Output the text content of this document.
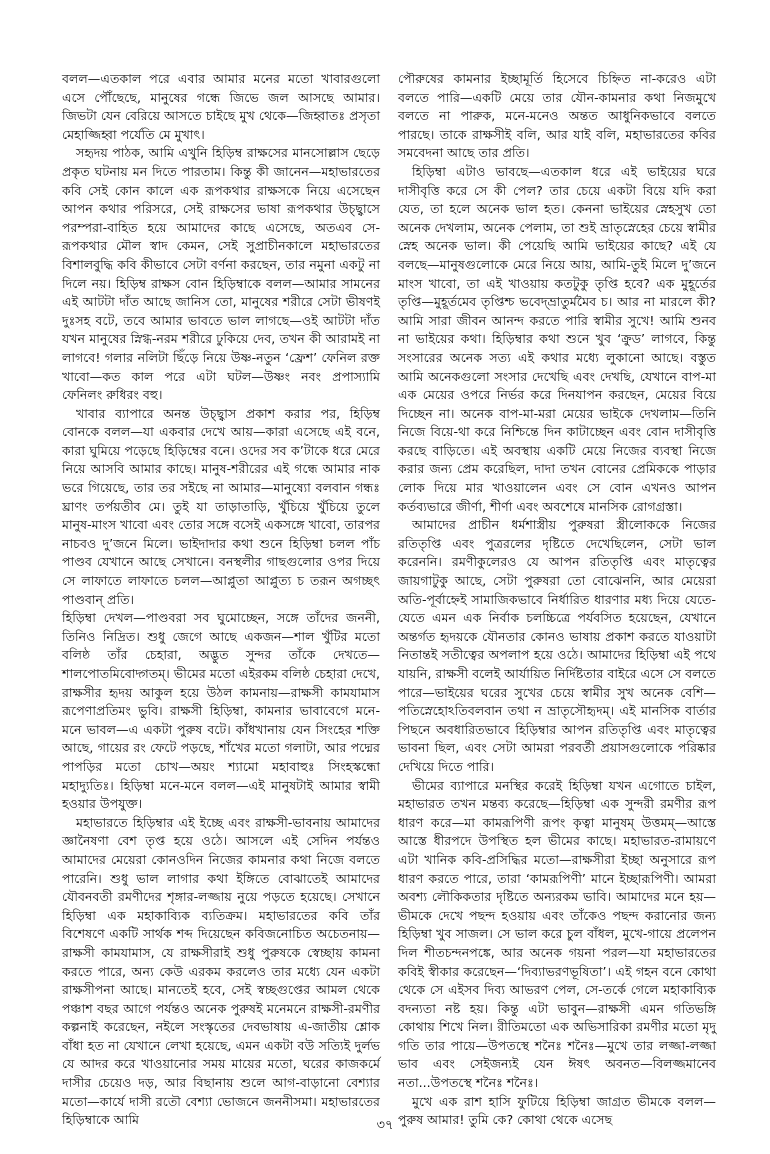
বলল—এতকাল পরে এবার আমার মনের মতো খাবারগুলো এসে পৌঁছেছে, মানুষের গন্ধে জিভে জল আসছে আমার। জিভটা যেন বেরিয়ে আসতে চাইছে মুখ থেকে—জিহ্বাতঃ প্রসৃতা মেহাজ্জিহ্বা পর্যেতি মে মুখাৎ।

সহৃদয় পাঠক, আমি এখুনি হিড়িম্ব রাক্ষসের মানসোল্লাস ছেড়ে প্রকৃত ঘটনায় মন দিতে পারতাম। কিন্তু কী জানেন—মহাভারতের কবি সেই কোন কালে এক রূপকথার রাক্ষসকে নিয়ে এসেছেন আপন কথার পরিসরে, সেই রাক্ষসের ভাষা রূপকথার উচ্ছ্বাসে পরম্পরা-বাহিত হয়ে আমাদের কাছে এসেছে, অতএব সে-রূপকথার মৌল স্বাদ কেমন, সেই সুপ্রাচীনকালে মহাভারতের বিশালবুদ্ধি কবি কীভাবে সেটা বর্ণনা করছেন, তার নমুনা একটু না দিলে নয়। হিড়িম্ব রাক্ষস বোন হিড়িম্বাকে বলল—আমার সামনের এই আটটা দাঁত আছে জানিস তো, মানুষের শরীরে সেটা ভীষণই দুঃসহ বটে, তবে আমার ভাবতে ভাল লাগছে—ওই আটটা দাঁত যখন মানুষের স্নিগ্ধ-নরম শরীরে ঢুকিয়ে দেব, তখন কী আরামই না লাগবে! গলার নলিটা ছিঁড়ে নিয়ে উষ্ণ-নতুন ‘ফ্রেশ’ ফেনিল রক্ত খাবো—কত কাল পরে এটা ঘটল—উষ্ণং নবং প্রপাস্যামি ফেনিলং রুধিরং বহু।

খাবার ব্যাপারে অনন্ত উচ্ছ্বাস প্রকাশ করার পর, হিড়িম্ব বোনকে বলল—যা একবার দেখে আয়—কারা এসেছে এই বনে, কারা ঘুমিয়ে পড়েছে হিড়িম্বের বনে। ওদের সব ক’টাকে ধরে মেরে নিয়ে আসবি আমার কাছে। মানুষ-শরীরের এই গন্ধে আমার নাক ভরে গিয়েছে, তার তর সইছে না আমার—মানুষ্যো বলবান গন্ধঃ ঘ্রাণং তর্পয়তীব মে। তুই যা তাড়াতাড়ি, খুঁচিয়ে খুঁচিয়ে তুলে মানুষ-মাংস খাবো এবং তোর সঙ্গে বসেই একসঙ্গে খাবো, তারপর নাচবও দু’জনে মিলে। ভাইদাদার কথা শুনে হিড়িম্বা চলল পাঁচ পাণ্ডব যেখানে আছে সেখানে। বনস্থলীর গাছগুলোর ওপর দিয়ে সে লাফাতে লাফাতে চলল—আপ্লুতা আপ্লুত্য চ তরূন অগচ্ছৎ পাণ্ডবান্ প্রতি।

হিড়িম্বা দেখল—পাণ্ডবরা সব ঘুমোচ্ছেন, সঙ্গে তাঁদের জননী, তিনিও নিদ্রিত। শুধু জেগে আছে একজন—শাল খুঁটির মতো বলিষ্ঠ তাঁর চেহারা, অদ্ভুত সুন্দর তাঁকে দেখতে—শালপোতমিবোদ্গতম্। ভীমের মতো এইরকম বলিষ্ঠ চেহারা দেখে, রাক্ষসীর হৃদয় আকুল হয়ে উঠল কামনায়—রাক্ষসী কামযামাস রূপেণাপ্রতিমং ভুবি। রাক্ষসী হিড়িম্বা, কামনার ভাবাবেগে মনে-মনে ভাবল—এ একটা পুরুষ বটে। কাঁধখানায় যেন সিংহের শক্তি আছে, গায়ের রং ফেটে পড়ছে, শাঁখের মতো গলাটা, আর পদ্মের পাপড়ির মতো চোখ—অয়ং শ্যামো মহাবাহুঃ সিংহস্কন্ধো মহাদ্যুতিঃ। হিড়িম্বা মনে-মনে বলল—এই মানুষটাই আমার স্বামী হওয়ার উপযুক্ত।

মহাভারতে হিড়িম্বার এই ইচ্ছে এবং রাক্ষসী-ভাবনায় আমাদের জ্ঞানৈষণা বেশ তৃপ্ত হয়ে ওঠে। আসলে এই সেদিন পর্যন্তও আমাদের মেয়েরা কোনওদিন নিজের কামনার কথা নিজে বলতে পারেনি। শুধু ভাল লাগার কথা ইঙ্গিতে বোঝাতেই আমাদের যৌবনবতী রমণীদের শৃঙ্গার-লজ্জায় নুয়ে পড়তে হয়েছে। সেখানে হিড়িম্বা এক মহাকাব্যিক ব্যতিক্রম। মহাভারতের কবি তাঁর বিশেষণে একটি সার্থক শব্দ দিয়েছেন কবিজনোচিত অচেতনায়—রাক্ষসী কামযামাস, যে রাক্ষসীরাই শুধু পুরুষকে স্বেচ্ছায় কামনা করতে পারে, অন্য কেউ এরকম করলেও তার মধ্যে যেন একটা রাক্ষসীপনা আছে। মানতেই হবে, সেই স্বচ্ছগুপ্তের আমল থেকে পঞ্চাশ বছর আগে পর্যন্তও অনেক পুরুষই মনেমনে রাক্ষসী-রমণীর কল্পনাই করেছেন, নইলে সংস্কৃতের দেবভাষায় এ-জাতীয় শ্লোক বাঁধা হত না যেখানে লেখা হয়েছে, এমন একটা বউ সত্যিই দুর্লভ যে আদর করে খাওয়ানোর সময় মায়ের মতো, ঘরের কাজকর্মে দাসীর চেয়েও দড়, আর বিছানায় শুলে আগ-বাড়ানো বেশ্যার মতো—কার্যে দাসী রতৌ বেশ্যা ভোজনে জননীসমা। মহাভারতের হিড়িম্বাকে আমি

পৌরুষের কামনার ইচ্ছামূর্তি হিসেবে চিহ্নিত না-করেও এটা বলতে পারি—একটি মেয়ে তার যৌন-কামনার কথা নিজমুখে বলতে না পারুক, মনে-মনেও অন্তত আধুনিকভাবে বলতে পারছে। তাকে রাক্ষসীই বলি, আর যাই বলি, মহাভারতের কবির সমবেদনা আছে তার প্রতি।

হিড়িম্বা এটাও ভাবছে—এতকাল ধরে এই ভাইয়ের ঘরে দাসীবৃত্তি করে সে কী পেল? তার চেয়ে একটা বিয়ে যদি করা যেত, তা হলে অনেক ভাল হত। কেননা ভাইয়ের স্নেহসুখ তো অনেক দেখলাম, অনেক পেলাম, তা শুই ভ্রাতৃস্নেহের চেয়ে স্বামীর স্নেহ অনেক ভাল। কী পেয়েছি আমি ভাইয়ের কাছে? এই যে বলছে—মানুষগুলোকে মেরে নিয়ে আয়, আমি-তুই মিলে দু’জনে মাংস খাবো, তা এই খাওয়ায় কতটুকু তৃপ্তি হবে? এক মুহূর্তের তৃপ্তি—মুহূর্তমেব তৃপ্তিশ্চ ভবেদ্‌ভ্রাতুর্মমৈব চ। আর না মারলে কী? আমি সারা জীবন আনন্দ করতে পারি স্বামীর সুখে! আমি শুনব না ভাইয়ের কথা। হিড়িম্বার কথা শুনে খুব ‘ক্রুড’ লাগবে, কিন্তু সংসারের অনেক সত্য এই কথার মধ্যে লুকানো আছে। বস্তুত আমি অনেকগুলো সংসার দেখেছি এবং দেখছি, যেখানে বাপ-মা এক মেয়ের ওপরে নির্ভর করে দিনযাপন করছেন, মেয়ের বিয়ে দিচ্ছেন না। অনেক বাপ-মা-মরা মেয়ের ভাইকে দেখলাম—তিনি নিজে বিয়ে-থা করে নিশ্চিন্তে দিন কাটাচ্ছেন এবং বোন দাসীবৃত্তি করছে বাড়িতে। এই অবস্থায় একটি মেয়ে নিজের ব্যবস্থা নিজে করার জন্য প্রেম করেছিল, দাদা তখন বোনের প্রেমিককে পাড়ার লোক দিয়ে মার খাওয়ালেন এবং সে বোন এখনও আপন কর্তব্যভারে জীর্ণা, শীর্ণা এবং অবশেষে মানসিক রোগগ্রস্তা।

আমাদের প্রাচীন ধর্মশাস্ত্রীয় পুরুষরা স্ত্রীলোককে নিজের রতিতৃপ্তি এবং পুত্ররলের দৃষ্টিতে দেখেছিলেন, সেটা ভাল করেননি। রমণীকুলেরও যে আপন রতিতৃপ্তি এবং মাতৃত্বের জায়গাটুকু আছে, সেটা পুরুষরা তো বোঝেননি, আর মেয়েরা অতি-পূর্বাহ্নেই সামাজিকভাবে নির্ধারিত ধারণার মধ্য দিয়ে যেতে-যেতে এমন এক নির্বাক চলচ্চিত্রে পর্যবসিত হয়েছেন, যেখানে অন্তর্গত হৃদয়কে যৌনতার কোনও ভাষায় প্রকাশ করতে যাওয়াটা নিতান্তই সতীত্বের অপলাপ হয়ে ওঠে। আমাদের হিড়িম্বা এই পথে যায়নি, রাক্ষসী বলেই আর্যায়িত নির্দিষ্টতার বাইরে এসে সে বলতে পারে—ভাইয়ের ঘরের সুখের চেয়ে স্বামীর সুখ অনেক বেশি—পতিস্নেহোঽতিবলবান তথা ন ভ্রাতৃসৌহৃদম্। এই মানসিক বার্তার পিছনে অবধারিতভাবে হিড়িম্বার আপন রতিতৃপ্তি এবং মাতৃত্বের ভাবনা ছিল, এবং সেটা আমরা পরবর্তী প্রয়াসগুলোকে পরিষ্কার দেখিয়ে দিতে পারি।

ভীমের ব্যাপারে মনস্থির করেই হিড়িম্বা যখন এগোতে চাইল, মহাভারত তখন মন্তব্য করেছে—হিড়িম্বা এক সুন্দরী রমণীর রূপ ধারণ করে—মা কামরূপিণী রূপং কৃত্বা মানুষম্ উত্তমম্—আস্তে আস্তে ধীরপদে উপস্থিত হল ভীমের কাছে। মহাভারত-রামায়ণে এটা খানিক কবি-প্রসিদ্ধির মতো—রাক্ষসীরা ইচ্ছা অনুসারে রূপ ধারণ করতে পারে, তারা ‘কামরূপিণী’ মানে ইচ্ছারূপিণী। আমরা অবশ্য লৌকিকতার দৃষ্টিতে অন্যরকম ভাবি। আমাদের মনে হয়—ভীমকে দেখে পছন্দ হওয়ায় এবং তাঁকেও পছন্দ করানোর জন্য হিড়িম্বা খুব সাজল। সে ভাল করে চুল বাঁধল, মুখে-গায়ে প্রলেপন দিল শীতচন্দনপঙ্কে, আর অনেক গয়না পরল—যা মহাভারতের কবিই স্বীকার করেছেন—‘দিব্যাভরণভূষিতা’। এই গহন বনে কোথা থেকে সে এইসব দিব্য আভরণ পেল, সে-তর্কে গেলে মহাকাব্যিক বদন্যতা নষ্ট হয়। কিন্তু এটা ভাবুন—রাক্ষসী এমন গতিভঙ্গি কোথায় শিখে নিল। রীতিমতো এক অভিসারিকা রমণীর মতো মৃদু গতি তার পায়ে—উপতস্থে শনৈঃ শনৈঃ—মুখে তার লজ্জা-লজ্জা ভাব এবং সেইজন্যই যেন ঈষৎ অবনত—বিলজ্জমানেব নতা...উপতস্থে শনৈঃ শনৈঃ।

মুখে এক রাশ হাসি ফুটিয়ে হিড়িম্বা জাগ্রত ভীমকে বলল—পুরুষ আমার! তুমি কে? কোথা থেকে এসেছ

৩৭
